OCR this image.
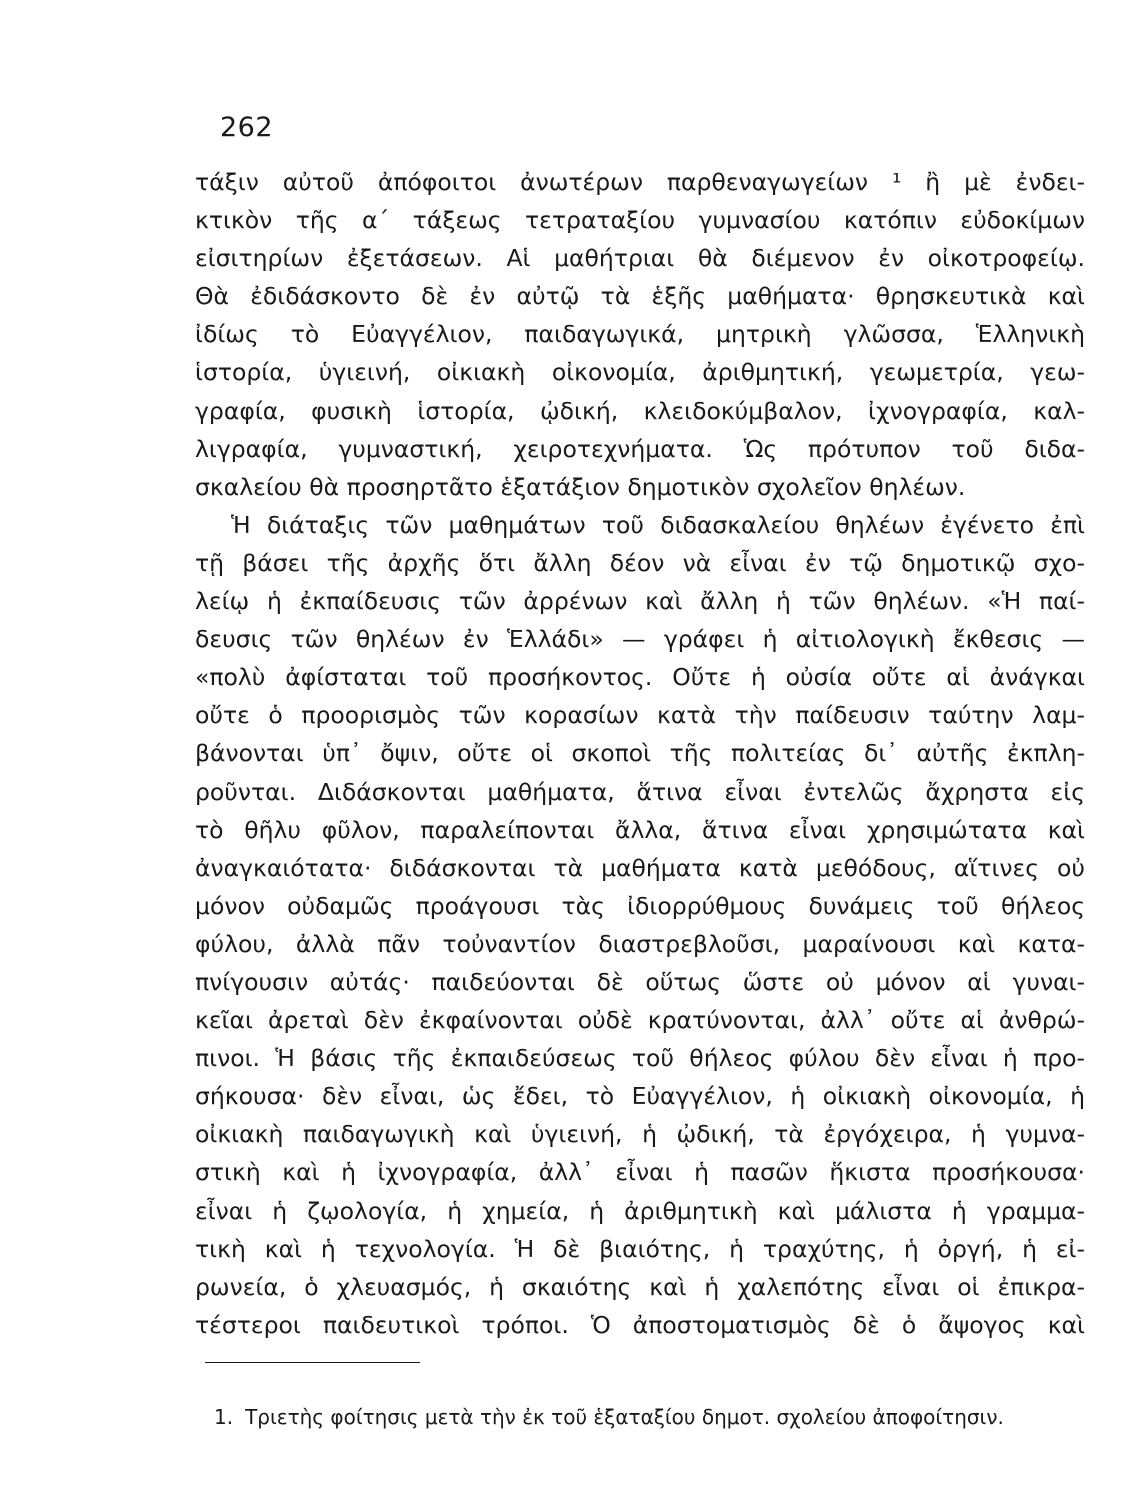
262
τάξιν αὐτοῦ ἀπόφοιτοι ἀνωτέρων παρθεναγωγείων ¹ ἢ μὲ ἐνδει-
κτικὸν τῆς α΄ τάξεως τετραταξίου γυμνασίου κατόπιν εὐδοκίμων
εἰσιτηρίων ἐξετάσεων. Αἱ μαθήτριαι θὰ διέμενον ἐν οἰκοτροφείῳ.
Θὰ ἐδιδάσκοντο δὲ ἐν αὐτῷ τὰ ἑξῆς μαθήματα· θρησκευτικὰ καὶ
ἰδίως τὸ Εὐαγγέλιον, παιδαγωγικά, μητρικὴ γλῶσσα, Ἑλληνικὴ
ἱστορία, ὑγιεινή, οἰκιακὴ οἰκονομία, ἀριθμητική, γεωμετρία, γεω-
γραφία, φυσικὴ ἱστορία, ᾠδική, κλειδοκύμβαλον, ἰχνογραφία, καλ-
λιγραφία, γυμναστική, χειροτεχνήματα. Ὡς πρότυπον τοῦ διδα-
σκαλείου θὰ προσηρτᾶτο ἑξατάξιον δημοτικὸν σχολεῖον θηλέων.
Ἡ διάταξις τῶν μαθημάτων τοῦ διδασκαλείου θηλέων ἐγένετο ἐπὶ
τῇ βάσει τῆς ἀρχῆς ὅτι ἄλλη δέον νὰ εἶναι ἐν τῷ δημοτικῷ σχο-
λείῳ ἡ ἐκπαίδευσις τῶν ἀρρένων καὶ ἄλλη ἡ τῶν θηλέων. «Ἡ παί-
δευσις τῶν θηλέων ἐν Ἑλλάδι» — γράφει ἡ αἰτιολογικὴ ἔκθεσις —
«πολὺ ἀφίσταται τοῦ προσήκοντος. Οὔτε ἡ οὐσία οὔτε αἱ ἀνάγκαι
οὔτε ὁ προορισμὸς τῶν κορασίων κατὰ τὴν παίδευσιν ταύτην λαμ-
βάνονται ὑπ᾽ ὄψιν, οὔτε οἱ σκοποὶ τῆς πολιτείας δι᾽ αὐτῆς ἐκπλη-
ροῦνται. Διδάσκονται μαθήματα, ἅτινα εἶναι ἐντελῶς ἄχρηστα εἰς
τὸ θῆλυ φῦλον, παραλείπονται ἄλλα, ἅτινα εἶναι χρησιμώτατα καὶ
ἀναγκαιότατα· διδάσκονται τὰ μαθήματα κατὰ μεθόδους, αἵτινες οὐ
μόνον οὐδαμῶς προάγουσι τὰς ἰδιορρύθμους δυνάμεις τοῦ θήλεος
φύλου, ἀλλὰ πᾶν τοὐναντίον διαστρεβλοῦσι, μαραίνουσι καὶ κατα-
πνίγουσιν αὐτάς· παιδεύονται δὲ οὕτως ὥστε οὐ μόνον αἱ γυναι-
κεῖαι ἀρεταὶ δὲν ἐκφαίνονται οὐδὲ κρατύνονται, ἀλλ᾽ οὔτε αἱ ἀνθρώ-
πινοι. Ἡ βάσις τῆς ἐκπαιδεύσεως τοῦ θήλεος φύλου δὲν εἶναι ἡ προ-
σήκουσα· δὲν εἶναι, ὡς ἔδει, τὸ Εὐαγγέλιον, ἡ οἰκιακὴ οἰκονομία, ἡ
οἰκιακὴ παιδαγωγικὴ καὶ ὑγιεινή, ἡ ᾠδική, τὰ ἐργόχειρα, ἡ γυμνα-
στικὴ καὶ ἡ ἰχνογραφία, ἀλλ᾽ εἶναι ἡ πασῶν ἥκιστα προσήκουσα·
εἶναι ἡ ζῳολογία, ἡ χημεία, ἡ ἀριθμητικὴ καὶ μάλιστα ἡ γραμμα-
τικὴ καὶ ἡ τεχνολογία. Ἡ δὲ βιαιότης, ἡ τραχύτης, ἡ ὀργή, ἡ εἰ-
ρωνεία, ὁ χλευασμός, ἡ σκαιότης καὶ ἡ χαλεπότης εἶναι οἱ ἐπικρα-
τέστεροι παιδευτικοὶ τρόποι. Ὁ ἀποστοματισμὸς δὲ ὁ ἄψογος καὶ
1. Τριετὴς φοίτησις μετὰ τὴν ἐκ τοῦ ἑξαταξίου δημοτ. σχολείου ἀποφοίτησιν.
